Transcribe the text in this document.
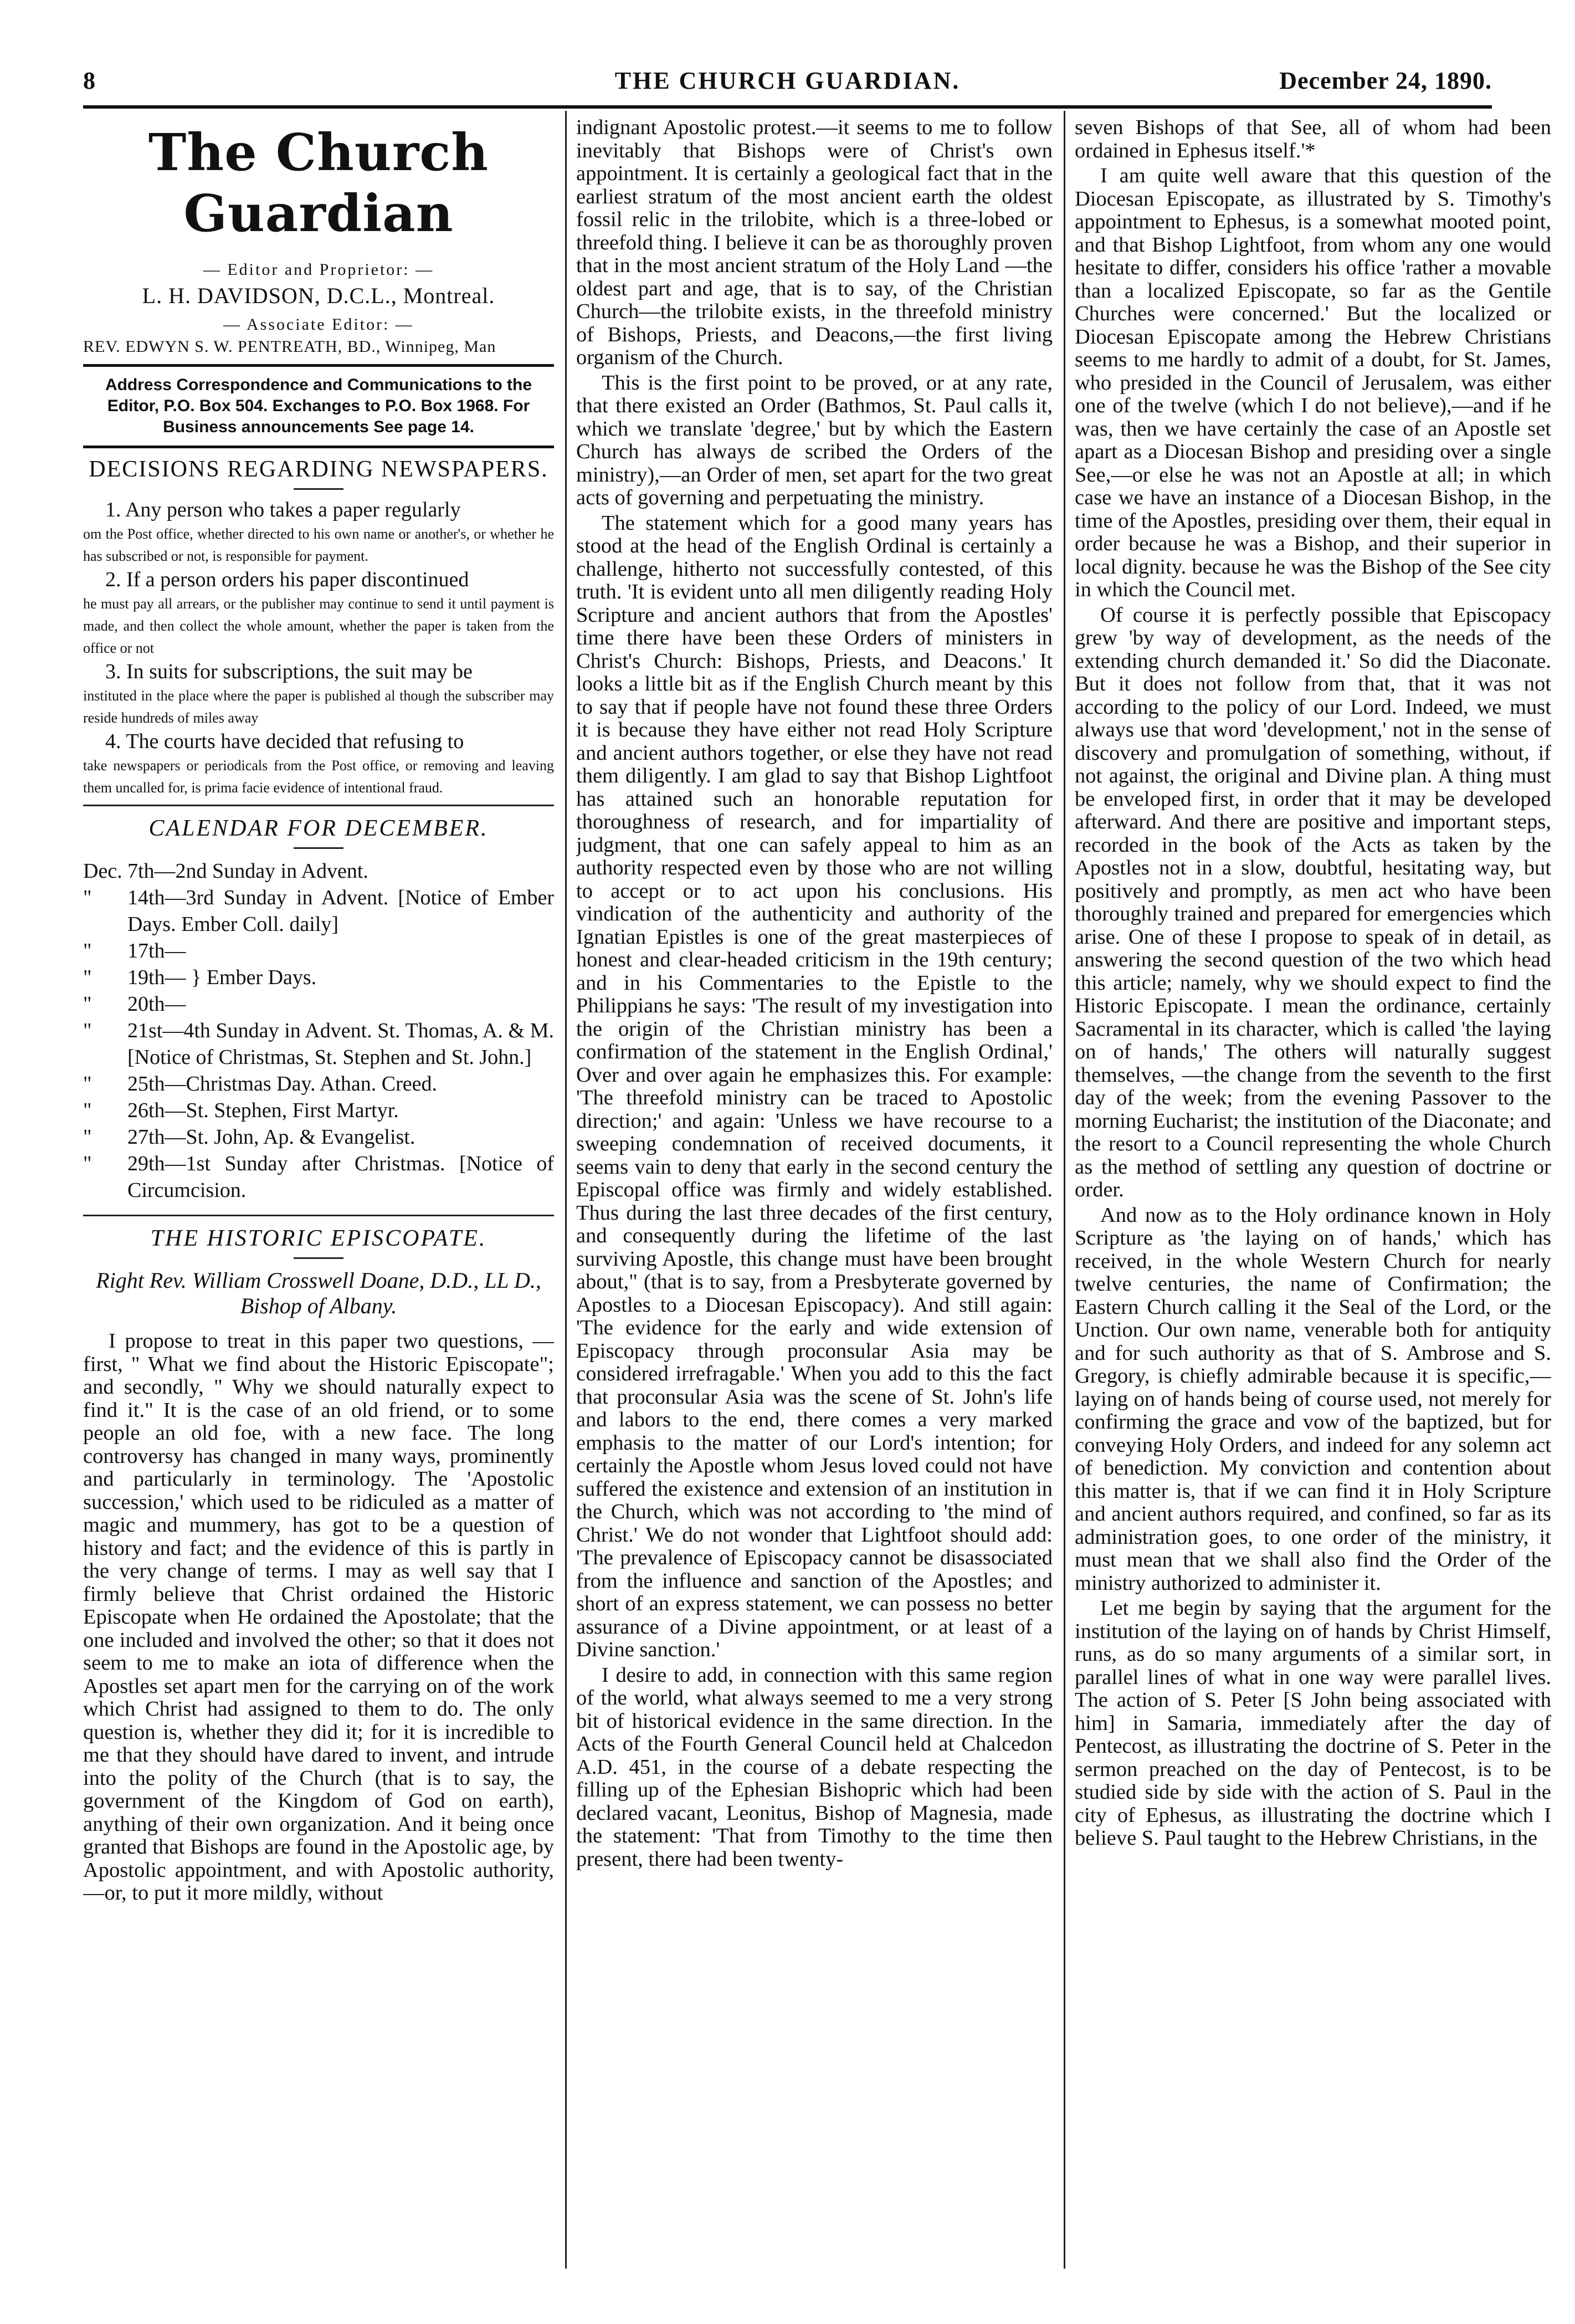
8	THE CHURCH GUARDIAN.	December 24, 1890.
The Church Guardian
— Editor and Proprietor: —
L. H. DAVIDSON, D.C.L., Montreal.
— Associate Editor: —
REV. EDWYN S. W. PENTREATH, BD., Winnipeg, Man
Address Correspondence and Communications to the Editor, P.O. Box 504. Exchanges to P.O. Box 1968. For Business announcements See page 14.
DECISIONS REGARDING NEWSPAPERS.

1. Any person who takes a paper regularly
om the Post office, whether directed to his own name or another's, or whether he has subscribed or not, is responsible for payment.

2. If a person orders his paper discontinued
he must pay all arrears, or the publisher may continue to send it until payment is made, and then collect the whole amount, whether the paper is taken from the office or not

3. In suits for subscriptions, the suit may be
instituted in the place where the paper is published al though the subscriber may reside hundreds of miles away

4. The courts have decided that refusing to
take newspapers or periodicals from the Post office, or removing and leaving them uncalled for, is prima facie evidence of intentional fraud.

CALENDAR FOR DECEMBER.
Dec. 7th—2nd Sunday in Advent.
"	14th—3rd Sunday in Advent. [Notice of Ember Days. Ember Coll. daily]
"	17th—
"	19th— } Ember Days.
"	20th—
"	21st—4th Sunday in Advent. St. Thomas, A. & M. [Notice of Christmas, St. Stephen and St. John.]
"	25th—Christmas Day. Athan. Creed.
"	26th—St. Stephen, First Martyr.
"	27th—St. John, Ap. & Evangelist.
"	29th—1st Sunday after Christmas. [Notice of Circumcision.
THE HISTORIC EPISCOPATE.
Right Rev. William Crosswell Doane, D.D., LL D., Bishop of Albany.

I propose to treat in this paper two questions, —first, " What we find about the Historic Episcopate"; and secondly, " Why we should naturally expect to find it." It is the case of an old friend, or to some people an old foe, with a new face. The long controversy has changed in many ways, prominently and particularly in terminology. The 'Apostolic succession,' which used to be ridiculed as a matter of magic and mummery, has got to be a question of history and fact; and the evidence of this is partly in the very change of terms. I may as well say that I firmly believe that Christ ordained the Historic Episcopate when He ordained the Apostolate; that the one included and involved the other; so that it does not seem to me to make an iota of difference when the Apostles set apart men for the carrying on of the work which Christ had assigned to them to do. The only question is, whether they did it; for it is incredible to me that they should have dared to invent, and intrude into the polity of the Church (that is to say, the government of the Kingdom of God on earth), anything of their own organization. And it being once granted that Bishops are found in the Apostolic age, by Apostolic appointment, and with Apostolic authority,—or, to put it more mildly, without

indignant Apostolic protest.—it seems to me to follow inevitably that Bishops were of Christ's own appointment. It is certainly a geological fact that in the earliest stratum of the most ancient earth the oldest fossil relic in the trilobite, which is a three-lobed or threefold thing. I believe it can be as thoroughly proven that in the most ancient stratum of the Holy Land —the oldest part and age, that is to say, of the Christian Church—the trilobite exists, in the threefold ministry of Bishops, Priests, and Deacons,—the first living organism of the Church.

This is the first point to be proved, or at any rate, that there existed an Order (Bathmos, St. Paul calls it, which we translate 'degree,' but by which the Eastern Church has always de scribed the Orders of the ministry),—an Order of men, set apart for the two great acts of governing and perpetuating the ministry.

The statement which for a good many years has stood at the head of the English Ordinal is certainly a challenge, hitherto not successfully contested, of this truth. 'It is evident unto all men diligently reading Holy Scripture and ancient authors that from the Apostles' time there have been these Orders of ministers in Christ's Church: Bishops, Priests, and Deacons.' It looks a little bit as if the English Church meant by this to say that if people have not found these three Orders it is because they have either not read Holy Scripture and ancient authors together, or else they have not read them diligently. I am glad to say that Bishop Lightfoot has attained such an honorable reputation for thoroughness of research, and for impartiality of judgment, that one can safely appeal to him as an authority respected even by those who are not willing to accept or to act upon his conclusions. His vindication of the authenticity and authority of the Ignatian Epistles is one of the great masterpieces of honest and clear-headed criticism in the 19th century; and in his Commentaries to the Epistle to the Philippians he says: 'The result of my investigation into the origin of the Christian ministry has been a confirmation of the statement in the English Ordinal,' Over and over again he emphasizes this. For example: 'The threefold ministry can be traced to Apostolic direction;' and again: 'Unless we have recourse to a sweeping condemnation of received documents, it seems vain to deny that early in the second century the Episcopal office was firmly and widely established. Thus during the last three decades of the first century, and consequently during the lifetime of the last surviving Apostle, this change must have been brought about," (that is to say, from a Presbyterate governed by Apostles to a Diocesan Episcopacy). And still again: 'The evidence for the early and wide extension of Episcopacy through proconsular Asia may be considered irrefragable.' When you add to this the fact that proconsular Asia was the scene of St. John's life and labors to the end, there comes a very marked emphasis to the matter of our Lord's intention; for certainly the Apostle whom Jesus loved could not have suffered the existence and extension of an institution in the Church, which was not according to 'the mind of Christ.' We do not wonder that Lightfoot should add: 'The prevalence of Episcopacy cannot be disassociated from the influence and sanction of the Apostles; and short of an express statement, we can possess no better assurance of a Divine appointment, or at least of a Divine sanction.'

I desire to add, in connection with this same region of the world, what always seemed to me a very strong bit of historical evidence in the same direction. In the Acts of the Fourth General Council held at Chalcedon A.D. 451, in the course of a debate respecting the filling up of the Ephesian Bishopric which had been declared vacant, Leonitus, Bishop of Magnesia, made the statement: 'That from Timothy to the time then present, there had been twenty-

seven Bishops of that See, all of whom had been ordained in Ephesus itself.'*

I am quite well aware that this question of the Diocesan Episcopate, as illustrated by S. Timothy's appointment to Ephesus, is a somewhat mooted point, and that Bishop Lightfoot, from whom any one would hesitate to differ, considers his office 'rather a movable than a localized Episcopate, so far as the Gentile Churches were concerned.' But the localized or Diocesan Episcopate among the Hebrew Christians seems to me hardly to admit of a doubt, for St. James, who presided in the Council of Jerusalem, was either one of the twelve (which I do not believe),—and if he was, then we have certainly the case of an Apostle set apart as a Diocesan Bishop and presiding over a single See,—or else he was not an Apostle at all; in which case we have an instance of a Diocesan Bishop, in the time of the Apostles, presiding over them, their equal in order because he was a Bishop, and their superior in local dignity. because he was the Bishop of the See city in which the Council met.

Of course it is perfectly possible that Episcopacy grew 'by way of development, as the needs of the extending church demanded it.' So did the Diaconate. But it does not follow from that, that it was not according to the policy of our Lord. Indeed, we must always use that word 'development,' not in the sense of discovery and promulgation of something, without, if not against, the original and Divine plan. A thing must be enveloped first, in order that it may be developed afterward. And there are positive and important steps, recorded in the book of the Acts as taken by the Apostles not in a slow, doubtful, hesitating way, but positively and promptly, as men act who have been thoroughly trained and prepared for emergencies which arise. One of these I propose to speak of in detail, as answering the second question of the two which head this article; namely, why we should expect to find the Historic Episcopate. I mean the ordinance, certainly Sacramental in its character, which is called 'the laying on of hands,' The others will naturally suggest themselves, —the change from the seventh to the first day of the week; from the evening Passover to the morning Eucharist; the institution of the Diaconate; and the resort to a Council representing the whole Church as the method of settling any question of doctrine or order.

And now as to the Holy ordinance known in Holy Scripture as 'the laying on of hands,' which has received, in the whole Western Church for nearly twelve centuries, the name of Confirmation; the Eastern Church calling it the Seal of the Lord, or the Unction. Our own name, venerable both for antiquity and for such authority as that of S. Ambrose and S. Gregory, is chiefly admirable because it is specific,—laying on of hands being of course used, not merely for confirming the grace and vow of the baptized, but for conveying Holy Orders, and indeed for any solemn act of benediction. My conviction and contention about this matter is, that if we can find it in Holy Scripture and ancient authors required, and confined, so far as its administration goes, to one order of the ministry, it must mean that we shall also find the Order of the ministry authorized to administer it.

Let me begin by saying that the argument for the institution of the laying on of hands by Christ Himself, runs, as do so many arguments of a similar sort, in parallel lines of what in one way were parallel lives. The action of S. Peter [S John being associated with him] in Samaria, immediately after the day of Pentecost, as illustrating the doctrine of S. Peter in the sermon preached on the day of Pentecost, is to be studied side by side with the action of S. Paul in the city of Ephesus, as illustrating the doctrine which I believe S. Paul taught to the Hebrew Christians, in the
